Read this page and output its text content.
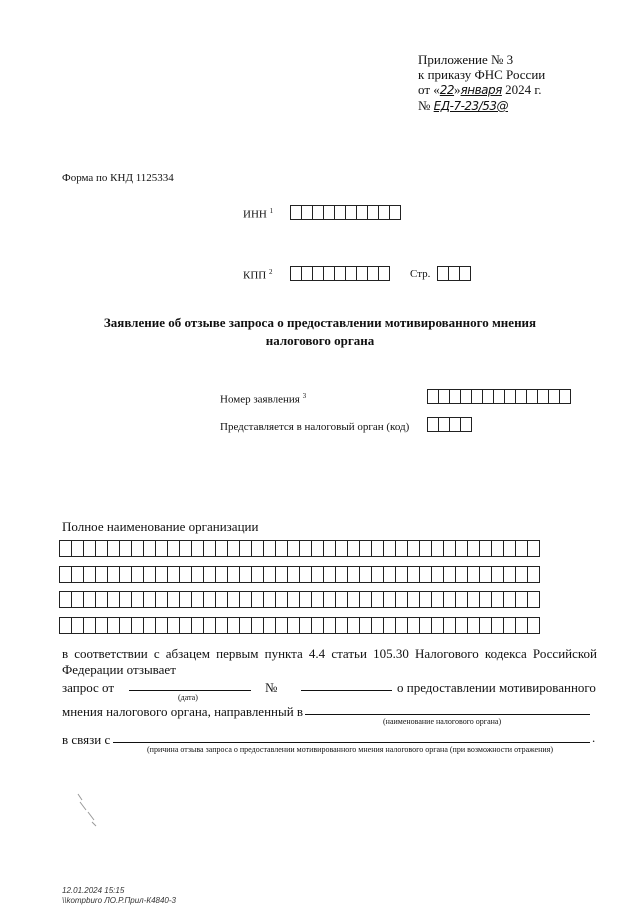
Приложение № 3
к приказу ФНС России
от «22»января 2024 г.
№ ЕД-7-23/53@
Форма по КНД 1125334
ИНН $^1$
КПП $^2$	Стр.
Заявление об отзыве запроса о предоставлении мотивированного мнения
налогового органа
Номер заявления $^3$
Представляется в налоговый орган (код)
Полное наименование организации
в соответствии с абзацем первым пункта 4.4 статьи 105.30 Налогового кодекса Российской Федерации отзывает
запрос от
(дата)
№	о предоставлении мотивированного
мнения налогового органа, направленный в
(наименование налогового органа)
в связи с	.
(причина отзыва запроса о предоставлении мотивированного мнения налогового органа (при возможности отражения)
12.01.2024 15:15
\\kompburo ЛО.Р.Прил-К4840-3
